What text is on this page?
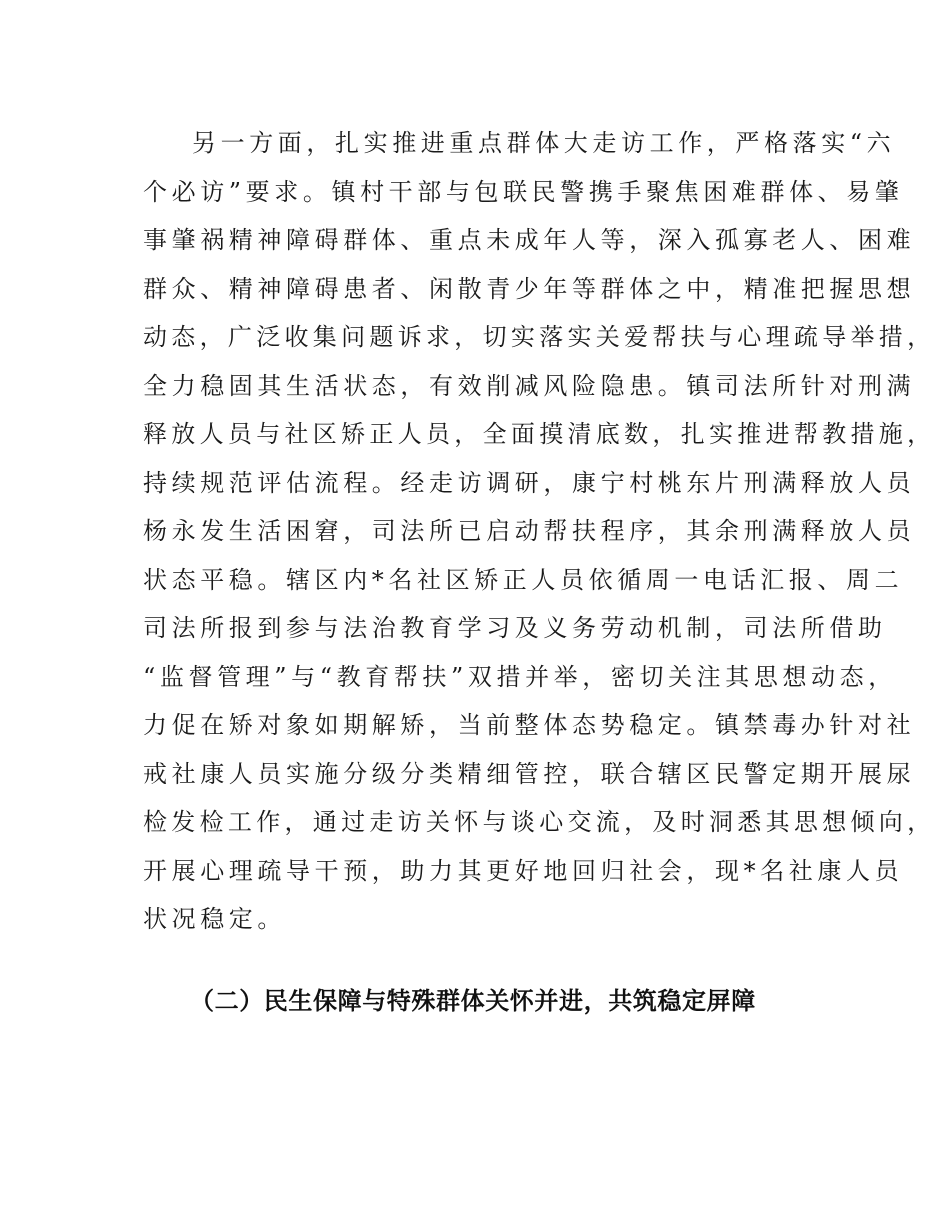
另一方面，扎实推进重点群体大走访工作，严格落实“六
个必访”要求。镇村干部与包联民警携手聚焦困难群体、易肇
事肇祸精神障碍群体、重点未成年人等，深入孤寡老人、困难
群众、精神障碍患者、闲散青少年等群体之中，精准把握思想
动态，广泛收集问题诉求，切实落实关爱帮扶与心理疏导举措，
全力稳固其生活状态，有效削减风险隐患。镇司法所针对刑满
释放人员与社区矫正人员，全面摸清底数，扎实推进帮教措施，
持续规范评估流程。经走访调研，康宁村桃东片刑满释放人员
杨永发生活困窘，司法所已启动帮扶程序，其余刑满释放人员
状态平稳。辖区内*名社区矫正人员依循周一电话汇报、周二
司法所报到参与法治教育学习及义务劳动机制，司法所借助
“监督管理”与“教育帮扶”双措并举，密切关注其思想动态，
力促在矫对象如期解矫，当前整体态势稳定。镇禁毒办针对社
戒社康人员实施分级分类精细管控，联合辖区民警定期开展尿
检发检工作，通过走访关怀与谈心交流，及时洞悉其思想倾向，
开展心理疏导干预，助力其更好地回归社会，现*名社康人员
状况稳定。
（二）民生保障与特殊群体关怀并进，共筑稳定屏障
